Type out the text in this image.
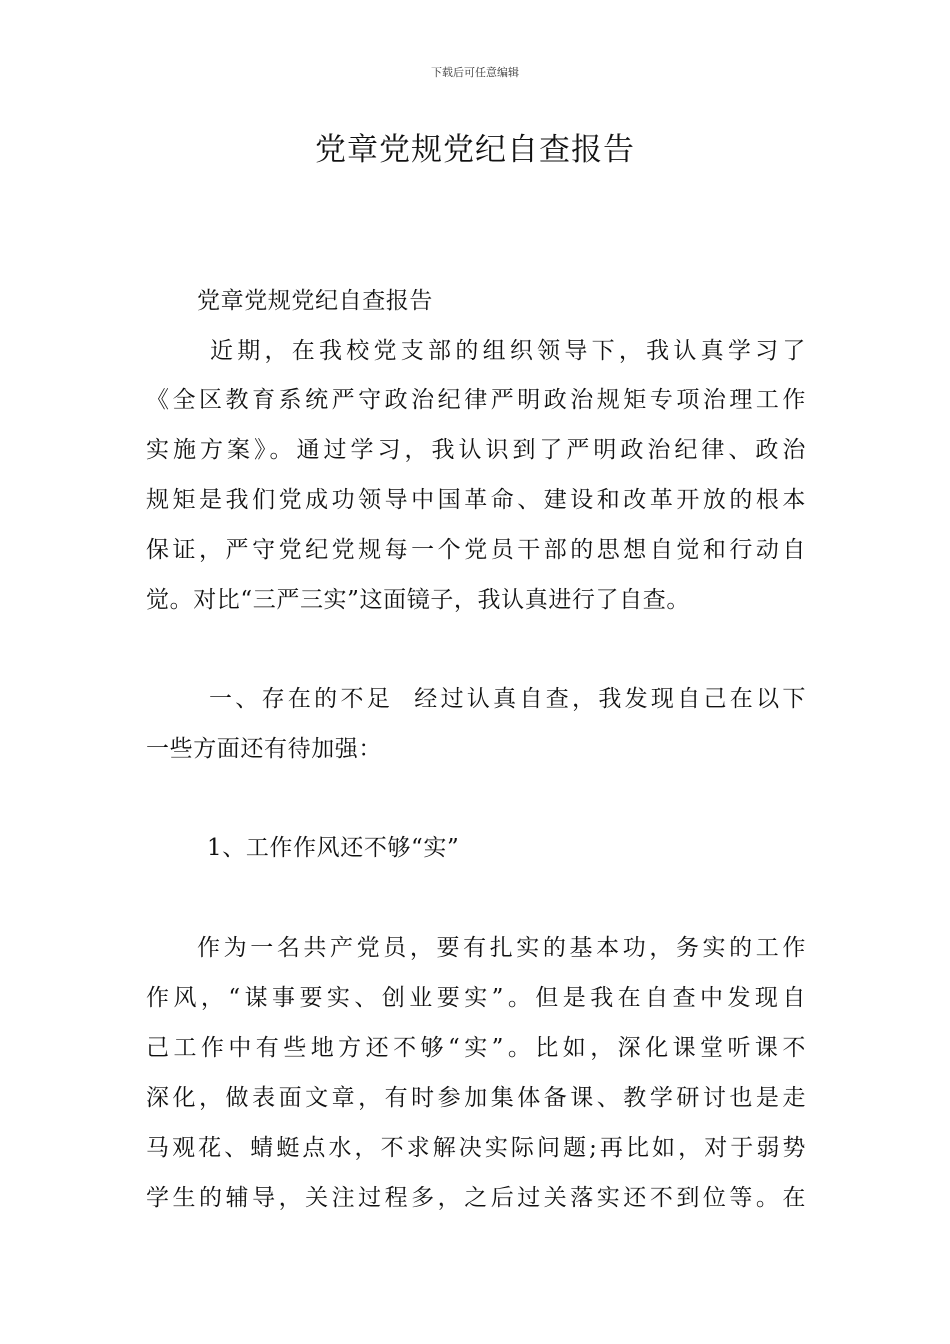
下载后可任意编辑
党章党规党纪自查报告
党章党规党纪自查报告
近期，在我校党支部的组织领导下，我认真学习了
《全区教育系统严守政治纪律严明政治规矩专项治理工作
实施方案》。通过学习，我认识到了严明政治纪律、政治
规矩是我们党成功领导中国革命、建设和改革开放的根本
保证，严守党纪党规每一个党员干部的思想自觉和行动自
觉。对比“三严三实”这面镜子，我认真进行了自查。
一、存在的不足  经过认真自查，我发现自己在以下
一些方面还有待加强：
1、工作作风还不够“实”
作为一名共产党员，要有扎实的基本功，务实的工作
作风，“谋事要实、创业要实”。但是我在自查中发现自
己工作中有些地方还不够“实”。比如，深化课堂听课不
深化，做表面文章，有时参加集体备课、教学研讨也是走
马观花、蜻蜓点水，不求解决实际问题;再比如，对于弱势
学生的辅导，关注过程多，之后过关落实还不到位等。在
